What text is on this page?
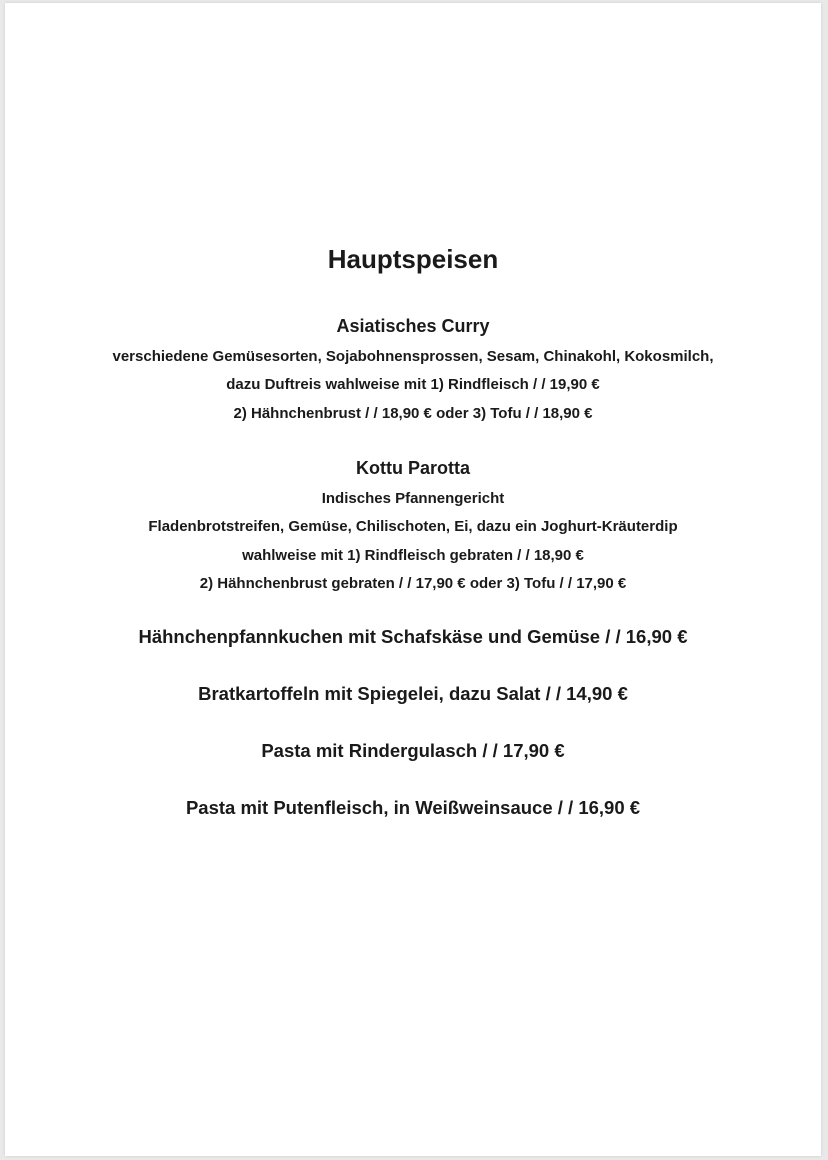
Hauptspeisen
Asiatisches Curry
verschiedene Gemüsesorten, Sojabohnensprossen, Sesam, Chinakohl, Kokosmilch,
dazu Duftreis wahlweise mit 1) Rindfleisch / / 19,90 €
2) Hähnchenbrust / / 18,90 € oder 3) Tofu / / 18,90 €
Kottu Parotta
Indisches Pfannengericht
Fladenbrotstreifen, Gemüse, Chilischoten, Ei, dazu ein Joghurt-Kräuterdip
wahlweise mit 1) Rindfleisch gebraten / / 18,90 €
2) Hähnchenbrust gebraten / / 17,90 € oder 3) Tofu / / 17,90 €
Hähnchenpfannkuchen mit Schafskäse und Gemüse / / 16,90 €
Bratkartoffeln mit Spiegelei, dazu Salat / / 14,90 €
Pasta mit Rindergulasch / / 17,90 €
Pasta mit Putenfleisch, in Weißweinsauce / / 16,90 €
